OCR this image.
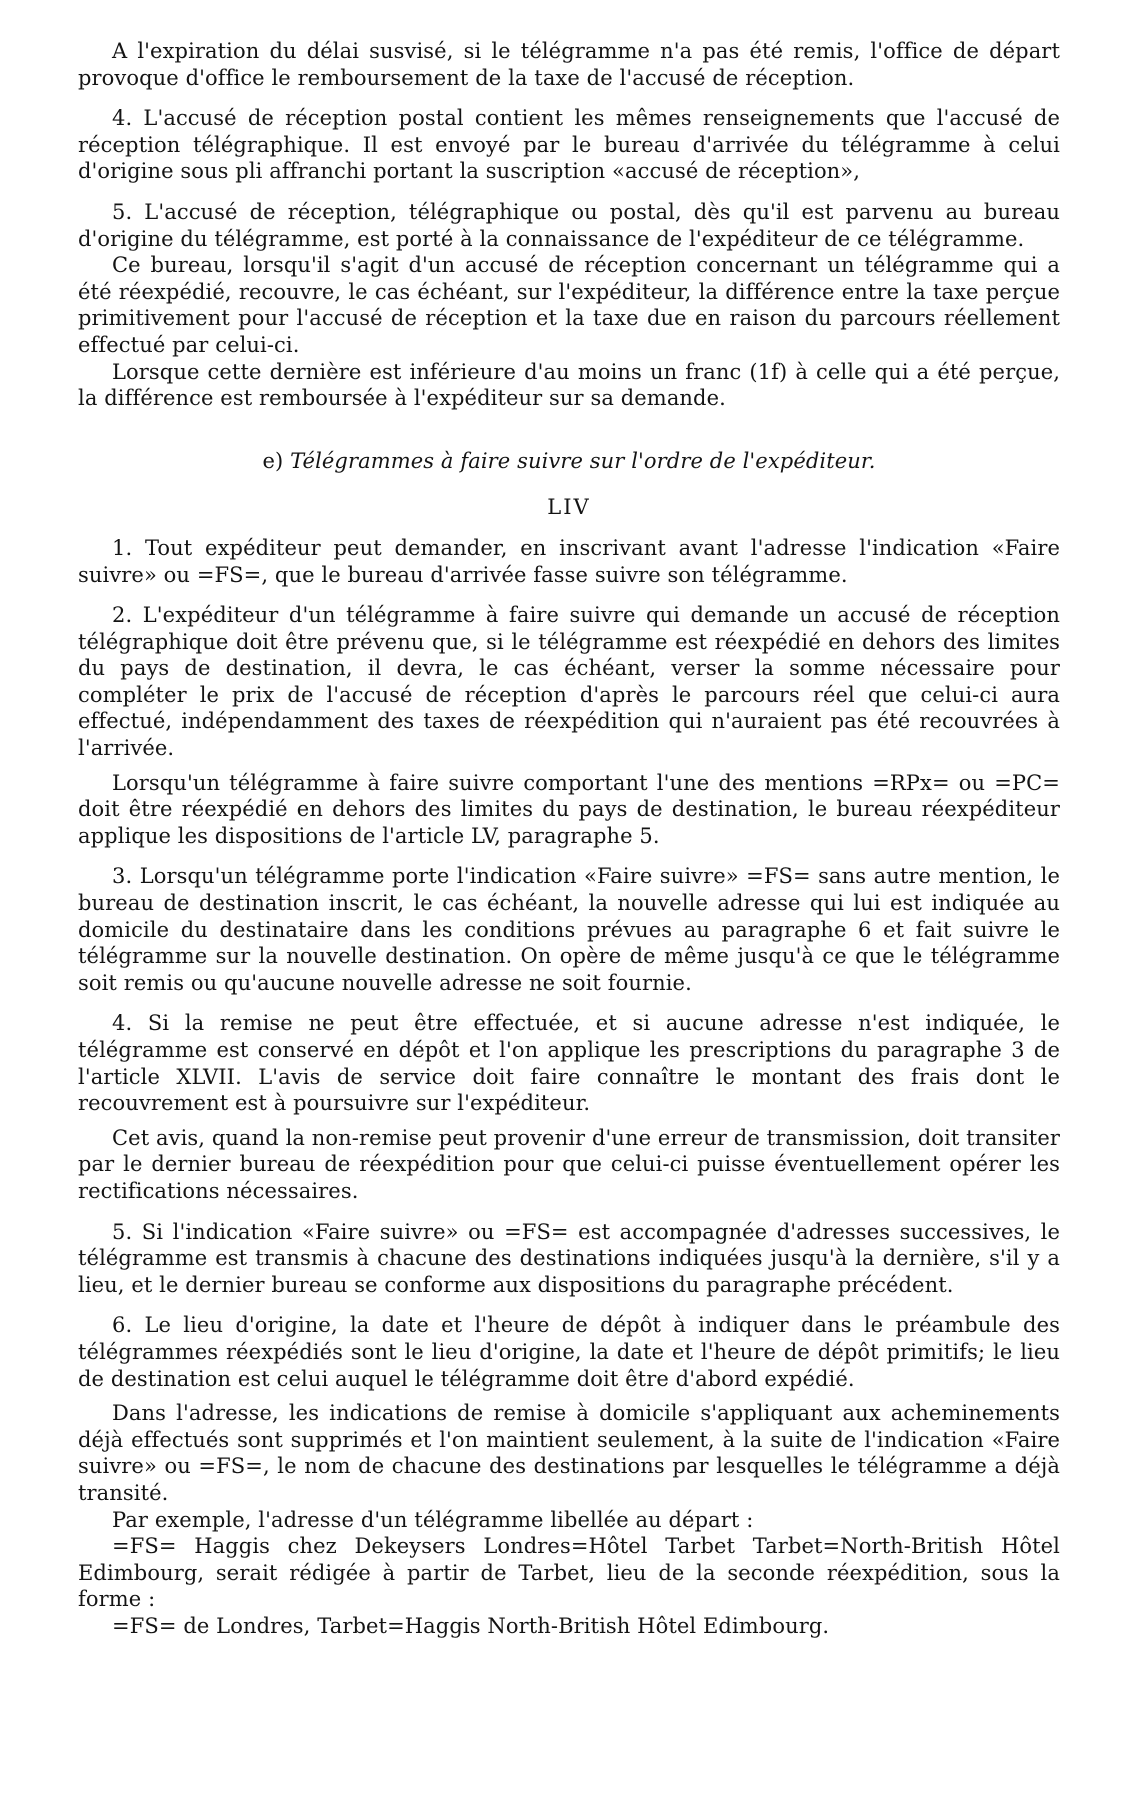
A l'expiration du délai susvisé, si le télégramme n'a pas été remis, l'office de départ provoque d'office le remboursement de la taxe de l'accusé de réception.

4. L'accusé de réception postal contient les mêmes renseignements que l'accusé de réception télégraphique. Il est envoyé par le bureau d'arrivée du télégramme à celui d'origine sous pli affranchi portant la suscription «accusé de réception»,

5. L'accusé de réception, télégraphique ou postal, dès qu'il est parvenu au bureau d'origine du télégramme, est porté à la connaissance de l'expéditeur de ce télégramme.

Ce bureau, lorsqu'il s'agit d'un accusé de réception concernant un télégramme qui a été réexpédié, recouvre, le cas échéant, sur l'expéditeur, la différence entre la taxe perçue primitivement pour l'accusé de réception et la taxe due en raison du parcours réellement effectué par celui-ci.

Lorsque cette dernière est inférieure d'au moins un franc (1f) à celle qui a été perçue, la différence est remboursée à l'expéditeur sur sa demande.

e) Télégrammes à faire suivre sur l'ordre de l'expéditeur.

LIV

1. Tout expéditeur peut demander, en inscrivant avant l'adresse l'indication «Faire suivre» ou =FS=, que le bureau d'arrivée fasse suivre son télégramme.

2. L'expéditeur d'un télégramme à faire suivre qui demande un accusé de réception télégraphique doit être prévenu que, si le télégramme est réexpédié en dehors des limites du pays de destination, il devra, le cas échéant, verser la somme nécessaire pour compléter le prix de l'accusé de réception d'après le parcours réel que celui-ci aura effectué, indépendamment des taxes de réexpédition qui n'auraient pas été recouvrées à l'arrivée.

Lorsqu'un télégramme à faire suivre comportant l'une des mentions =RPx= ou =PC= doit être réexpédié en dehors des limites du pays de destination, le bureau réexpéditeur applique les dispositions de l'article LV, paragraphe 5.

3. Lorsqu'un télégramme porte l'indication «Faire suivre» =FS= sans autre mention, le bureau de destination inscrit, le cas échéant, la nouvelle adresse qui lui est indiquée au domicile du destinataire dans les conditions prévues au paragraphe 6 et fait suivre le télégramme sur la nouvelle destination. On opère de même jusqu'à ce que le télégramme soit remis ou qu'aucune nouvelle adresse ne soit fournie.

4. Si la remise ne peut être effectuée, et si aucune adresse n'est indiquée, le télégramme est conservé en dépôt et l'on applique les prescriptions du paragraphe 3 de l'article XLVII. L'avis de service doit faire connaître le montant des frais dont le recouvrement est à poursuivre sur l'expéditeur.

Cet avis, quand la non-remise peut provenir d'une erreur de transmission, doit transiter par le dernier bureau de réexpédition pour que celui-ci puisse éventuellement opérer les rectifications nécessaires.

5. Si l'indication «Faire suivre» ou =FS= est accompagnée d'adresses successives, le télégramme est transmis à chacune des destinations indiquées jusqu'à la dernière, s'il y a lieu, et le dernier bureau se conforme aux dispositions du paragraphe précédent.

6. Le lieu d'origine, la date et l'heure de dépôt à indiquer dans le préambule des télégrammes réexpédiés sont le lieu d'origine, la date et l'heure de dépôt primitifs; le lieu de destination est celui auquel le télégramme doit être d'abord expédié.

Dans l'adresse, les indications de remise à domicile s'appliquant aux acheminements déjà effectués sont supprimés et l'on maintient seulement, à la suite de l'indication «Faire suivre» ou =FS=, le nom de chacune des destinations par lesquelles le télégramme a déjà transité.

Par exemple, l'adresse d'un télégramme libellée au départ :

=FS= Haggis chez Dekeysers Londres=Hôtel Tarbet Tarbet=North-British Hôtel Edimbourg, serait rédigée à partir de Tarbet, lieu de la seconde réexpédition, sous la forme :

=FS= de Londres, Tarbet=Haggis North-British Hôtel Edimbourg.
